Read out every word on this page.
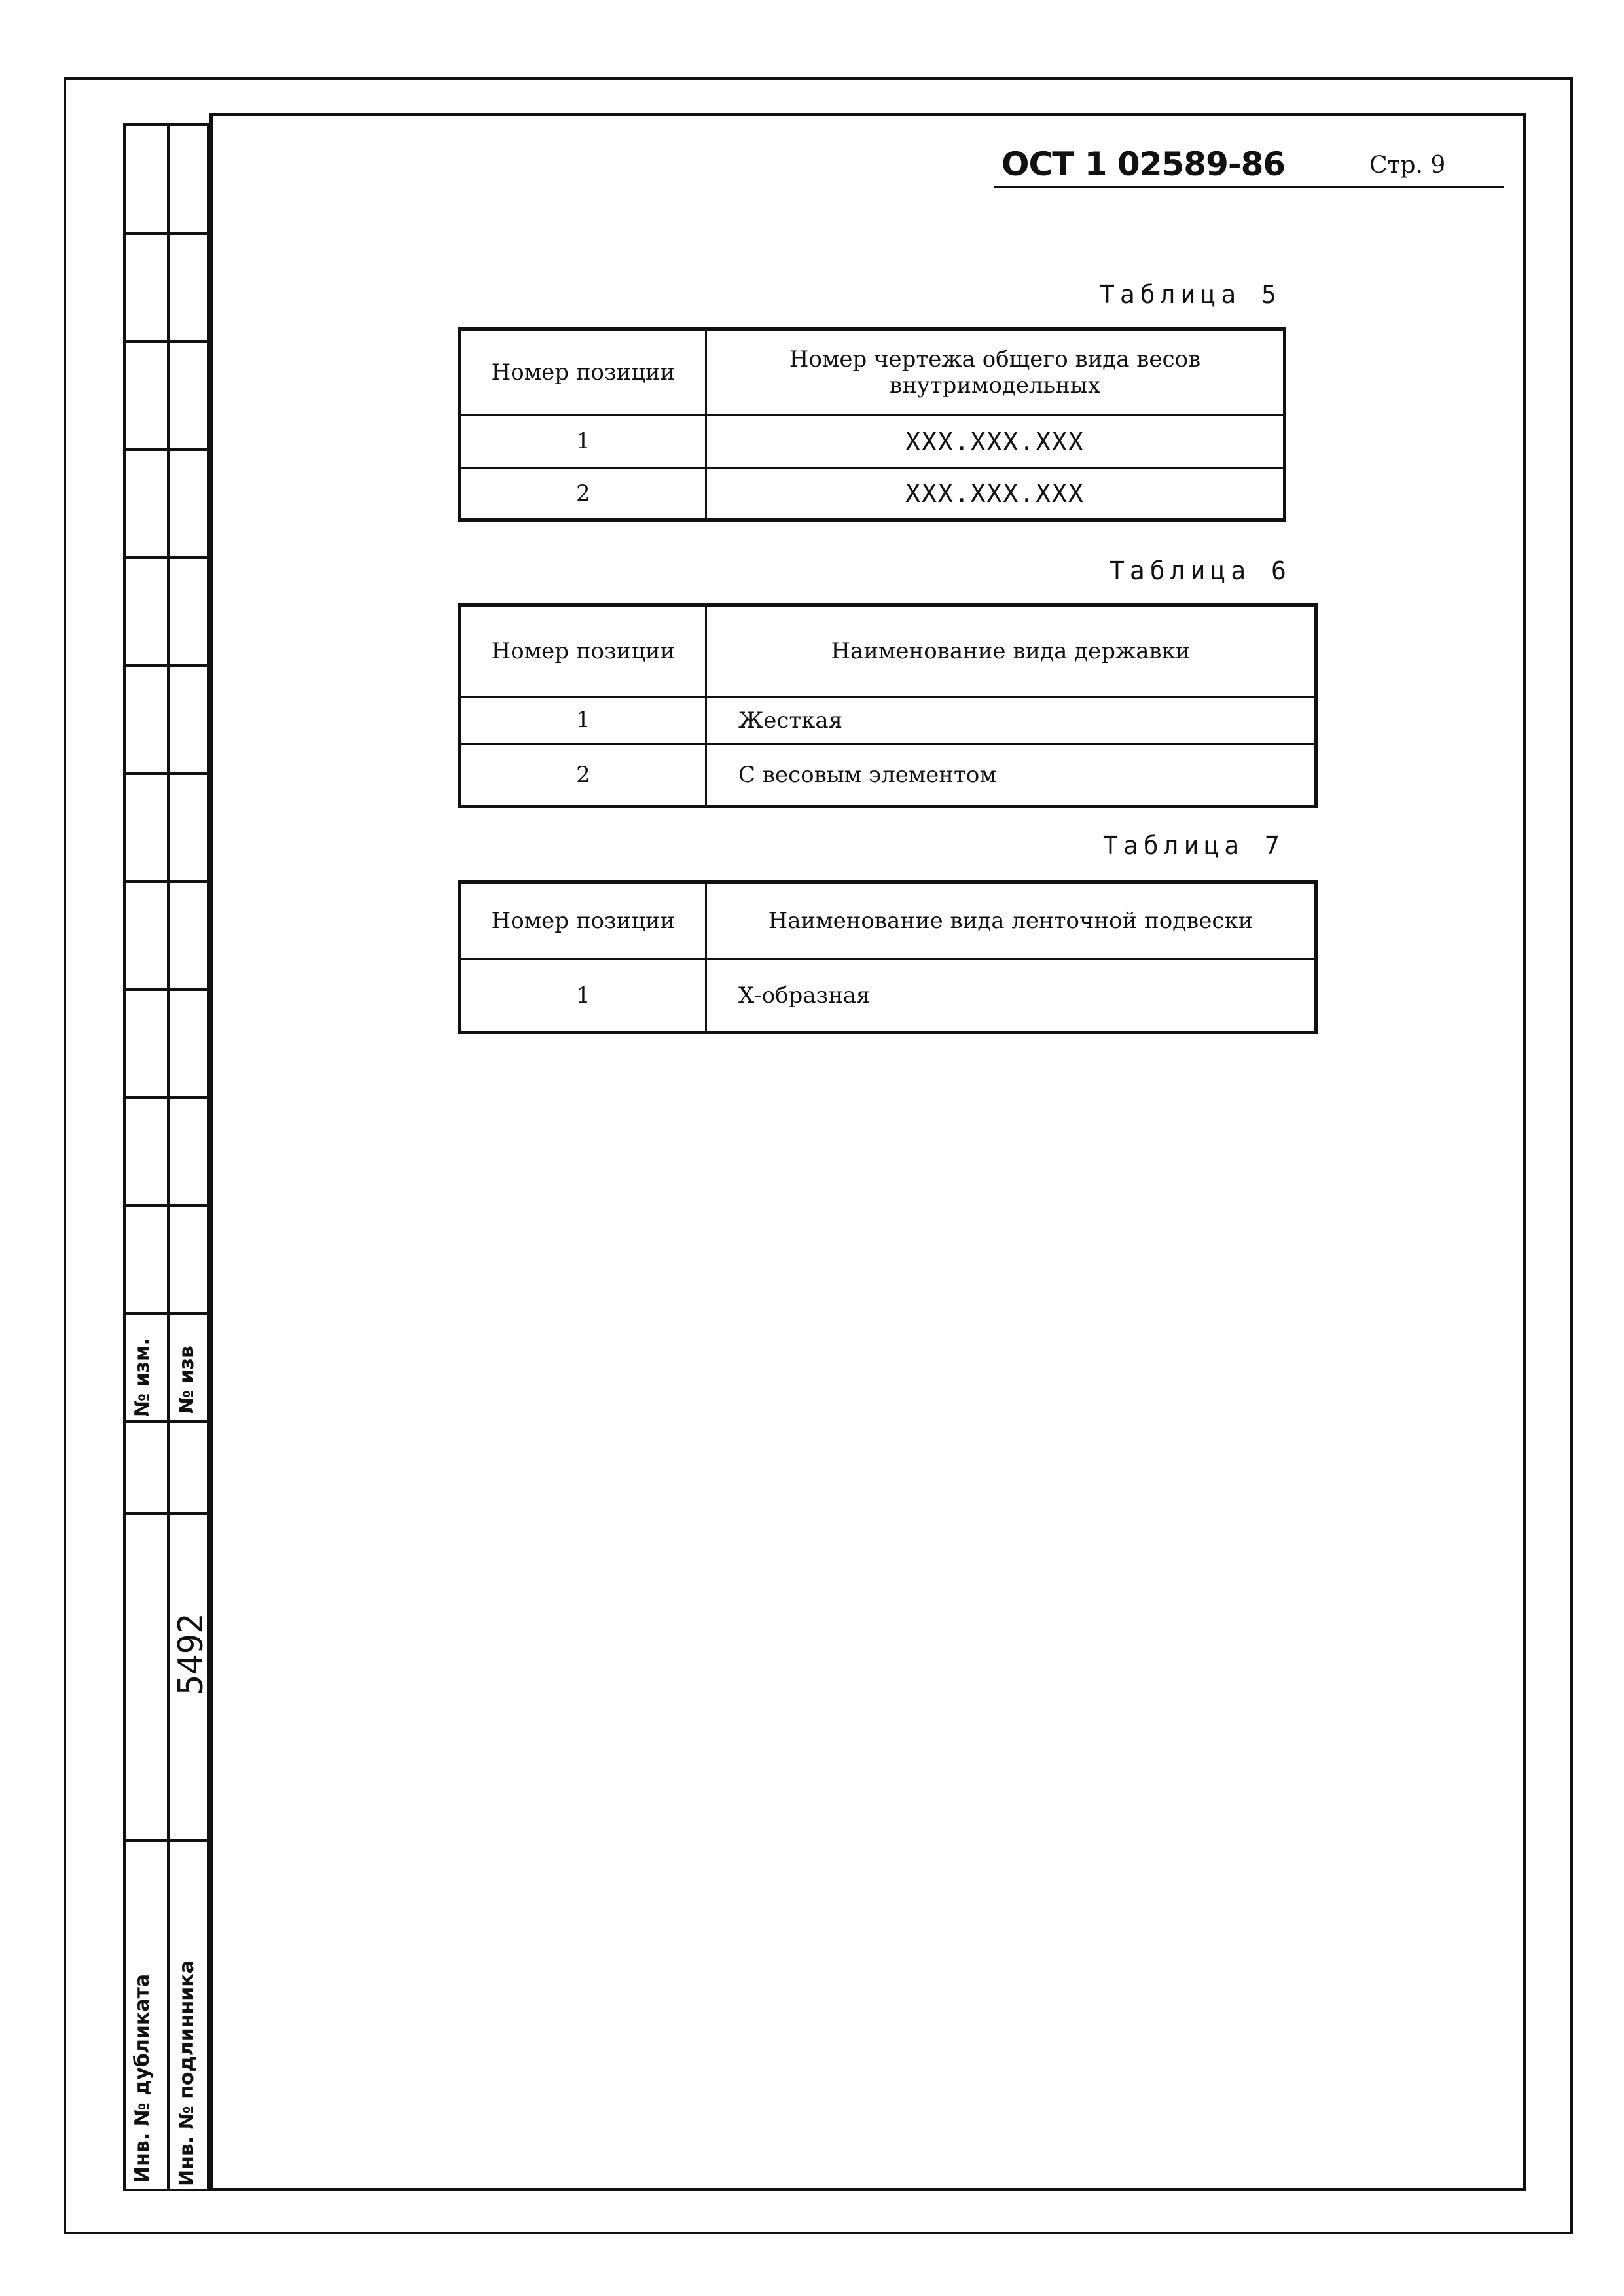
№ изм. № изв
5492
Инв. № дубликата Инв. № подлинника
ОСТ 1 02589-86	Стр. 9
Таблица 5
Номер позиции	Номер чертежа общего вида весов внутримодельных
1	ХХХ.ХХХ.ХХХ
2	ХХХ.ХХХ.ХХХ
Таблица 6
Номер позиции	Наименование вида державки
1	Жесткая
2	С весовым элементом
Таблица 7
Номер позиции	Наименование вида ленточной подвески
1	Х-образная
